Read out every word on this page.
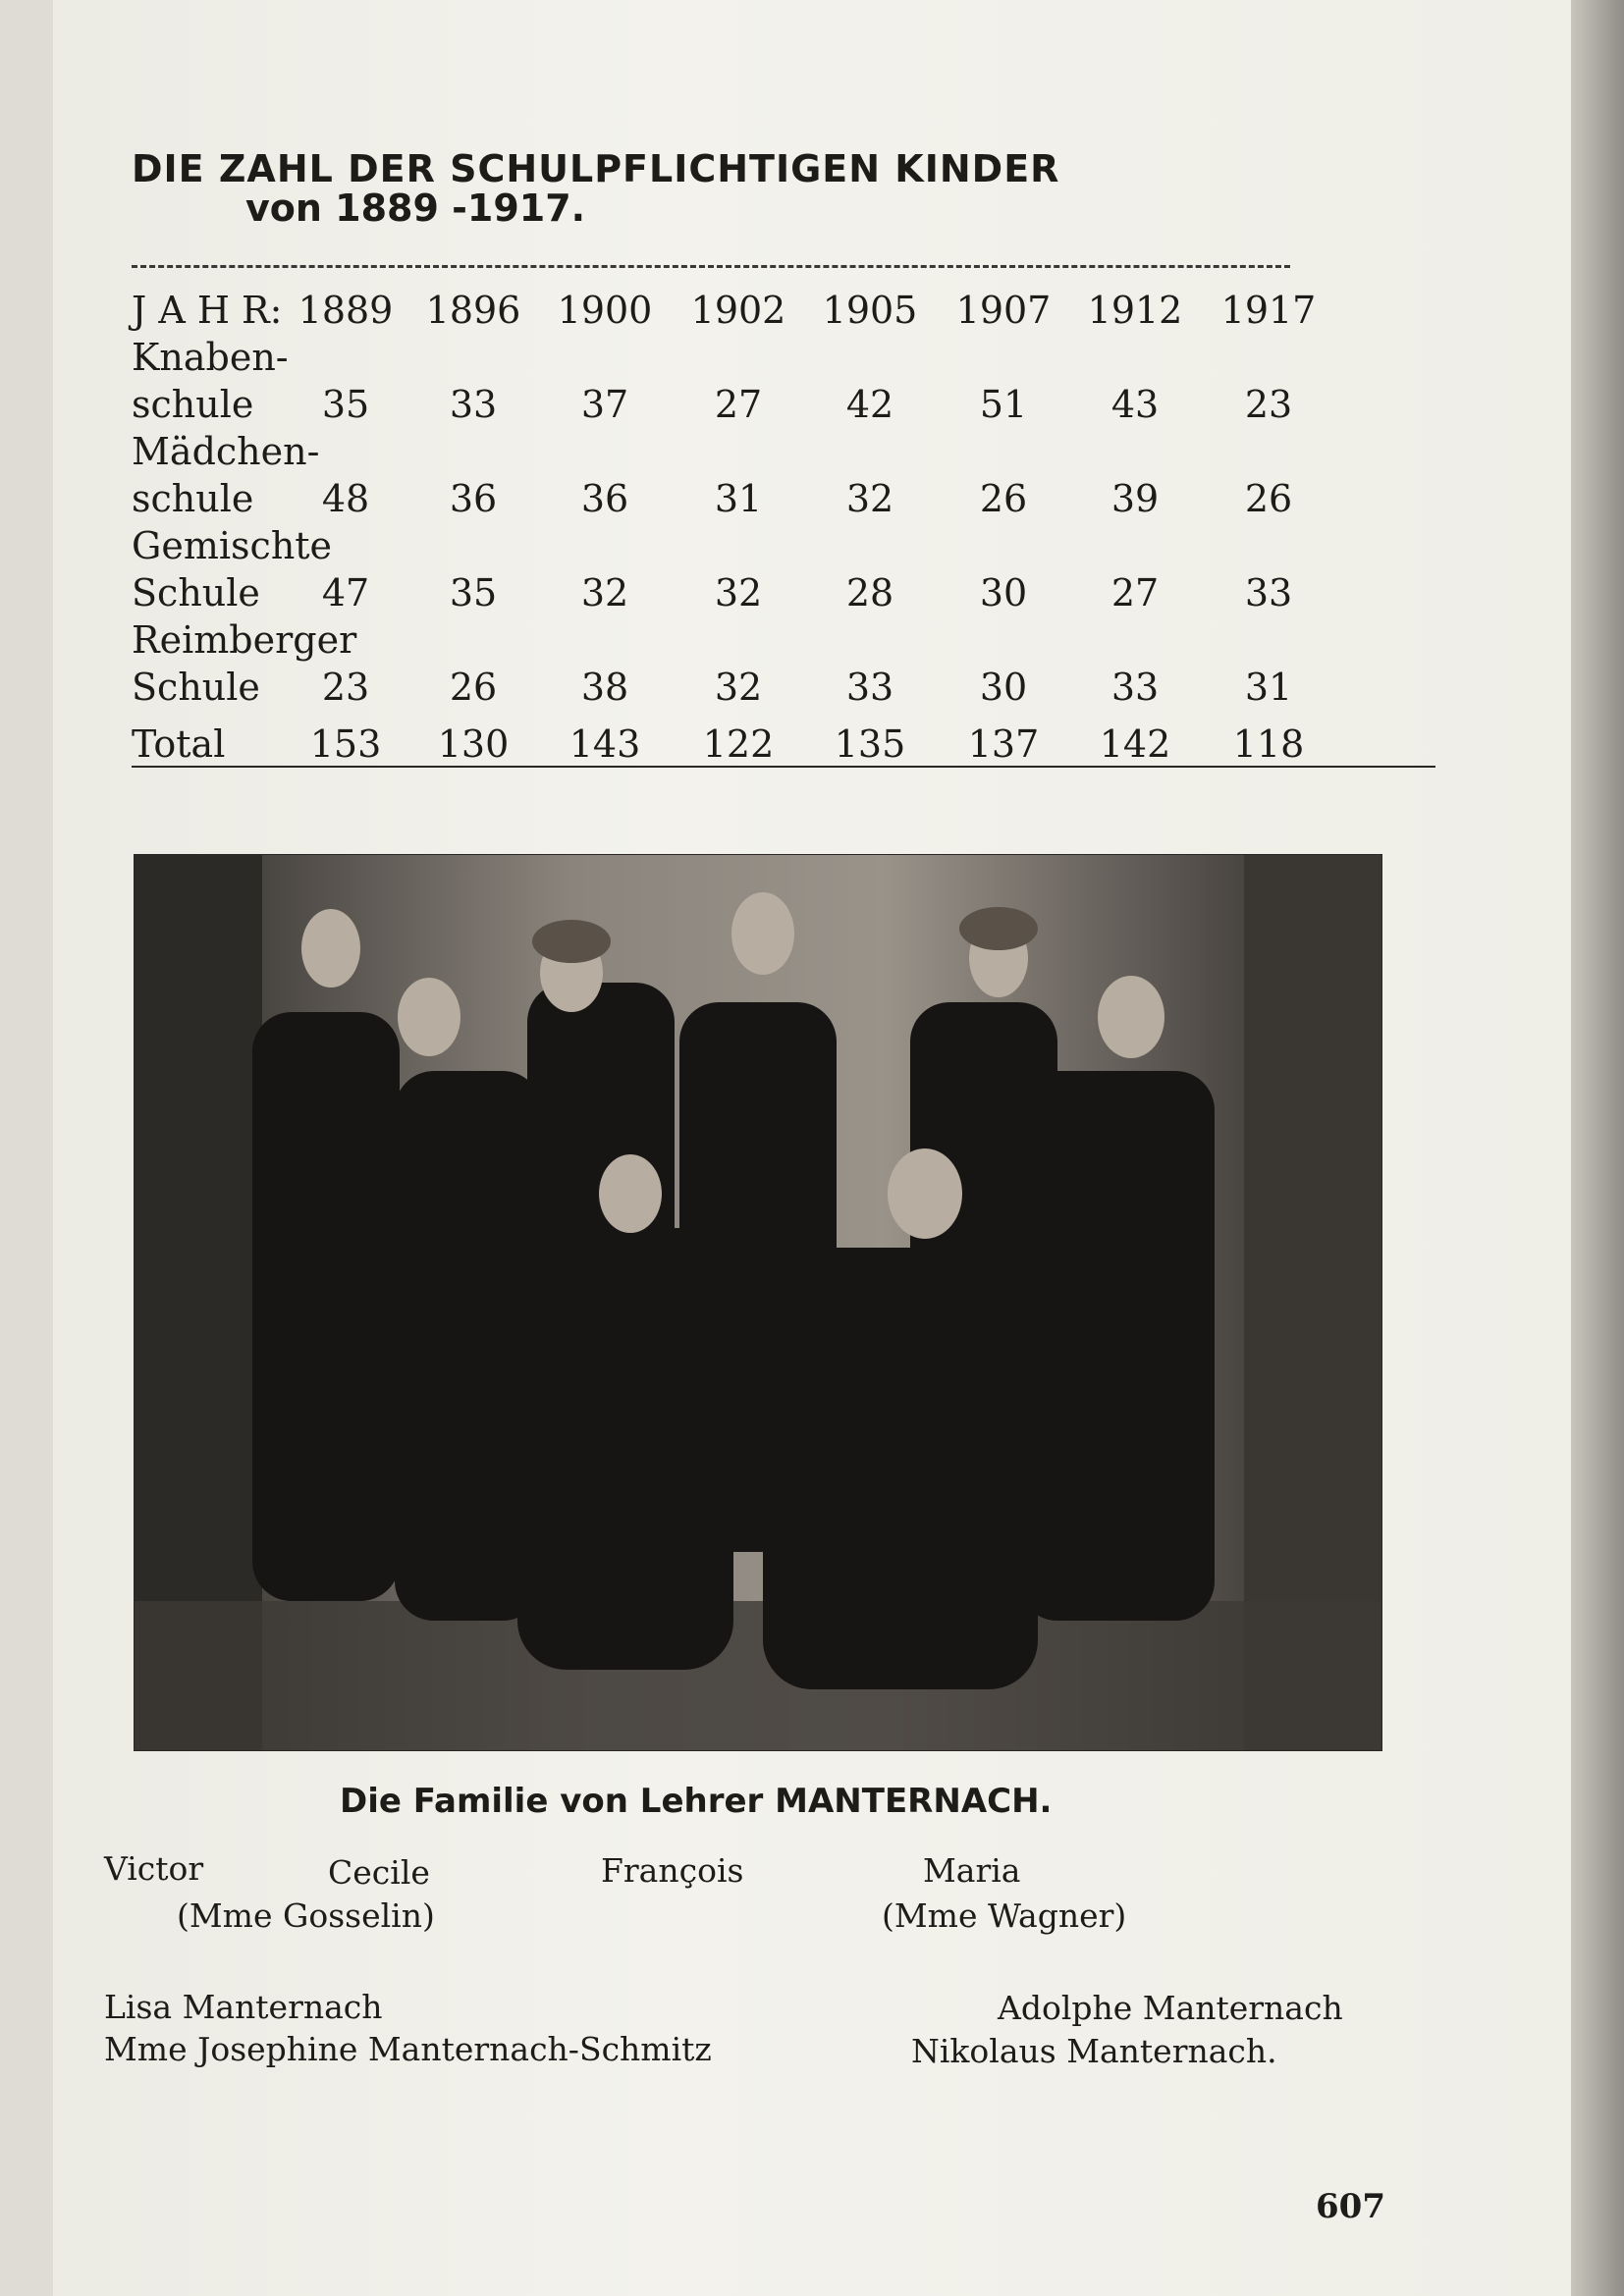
DIE ZAHL DER SCHULPFLICHTIGEN KINDER
von 1889 -1917.
J A H R: 1889 1896 1900	1902 1905	1907 1912	1917
Knaben-
schule	35	33	37	27	42	51	43	23
Mädchen-
schule	48	36	36	31	32	26	39	26
Gemischte
Schule	47	35	32	32	28	30	27	33
Reimberger
Schule	23	26	38	32	33	30	33	31
Total	153	130	143	122	135	137	142	118
Die Familie von Lehrer MANTERNACH.
Victor	Cecile
(Mme Gosselin)
François	Maria
(Mme Wagner)
Lisa Manternach	Adolphe Manternach
Mme Josephine Manternach-Schmitz	Nikolaus Manternach.
607
